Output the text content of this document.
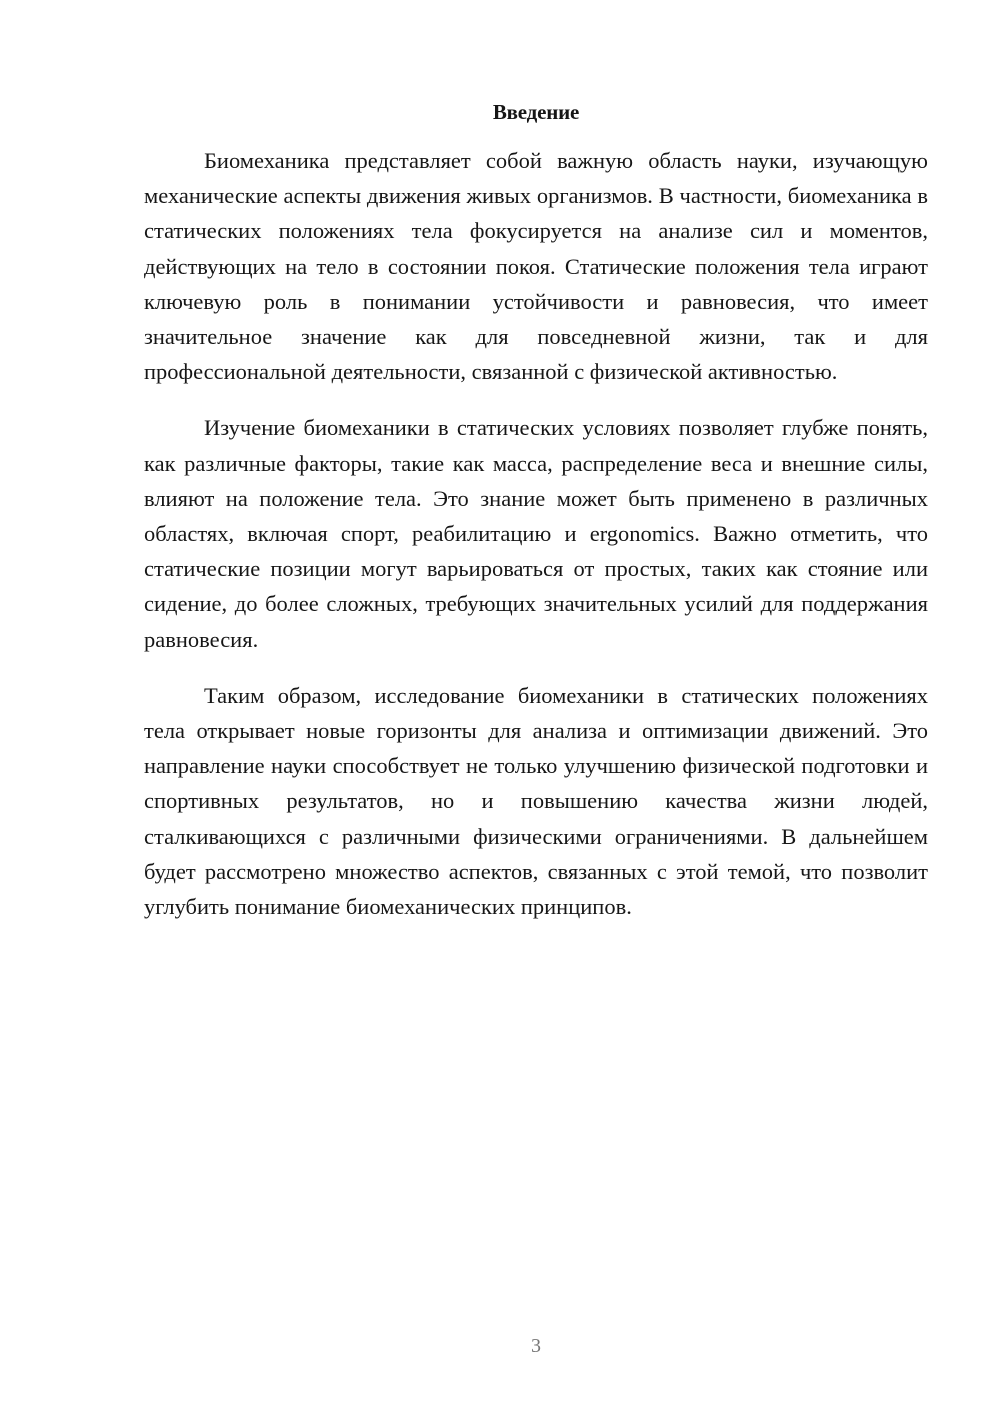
Введение

Биомеханика представляет собой важную область науки, изучающую механические аспекты движения живых организмов. В частности, биомеханика в статических положениях тела фокусируется на анализе сил и моментов, действующих на тело в состоянии покоя. Статические положения тела играют ключевую роль в понимании устойчивости и равновесия, что имеет значительное значение как для повседневной жизни, так и для профессиональной деятельности, связанной с физической активностью.

Изучение биомеханики в статических условиях позволяет глубже понять, как различные факторы, такие как масса, распределение веса и внешние силы, влияют на положение тела. Это знание может быть применено в различных областях, включая спорт, реабилитацию и ergonomics. Важно отметить, что статические позиции могут варьироваться от простых, таких как стояние или сидение, до более сложных, требующих значительных усилий для поддержания равновесия.

Таким образом, исследование биомеханики в статических положениях тела открывает новые горизонты для анализа и оптимизации движений. Это направление науки способствует не только улучшению физической подготовки и спортивных результатов, но и повышению качества жизни людей, сталкивающихся с различными физическими ограничениями. В дальнейшем будет рассмотрено множество аспектов, связанных с этой темой, что позволит углубить понимание биомеханических принципов.

3
